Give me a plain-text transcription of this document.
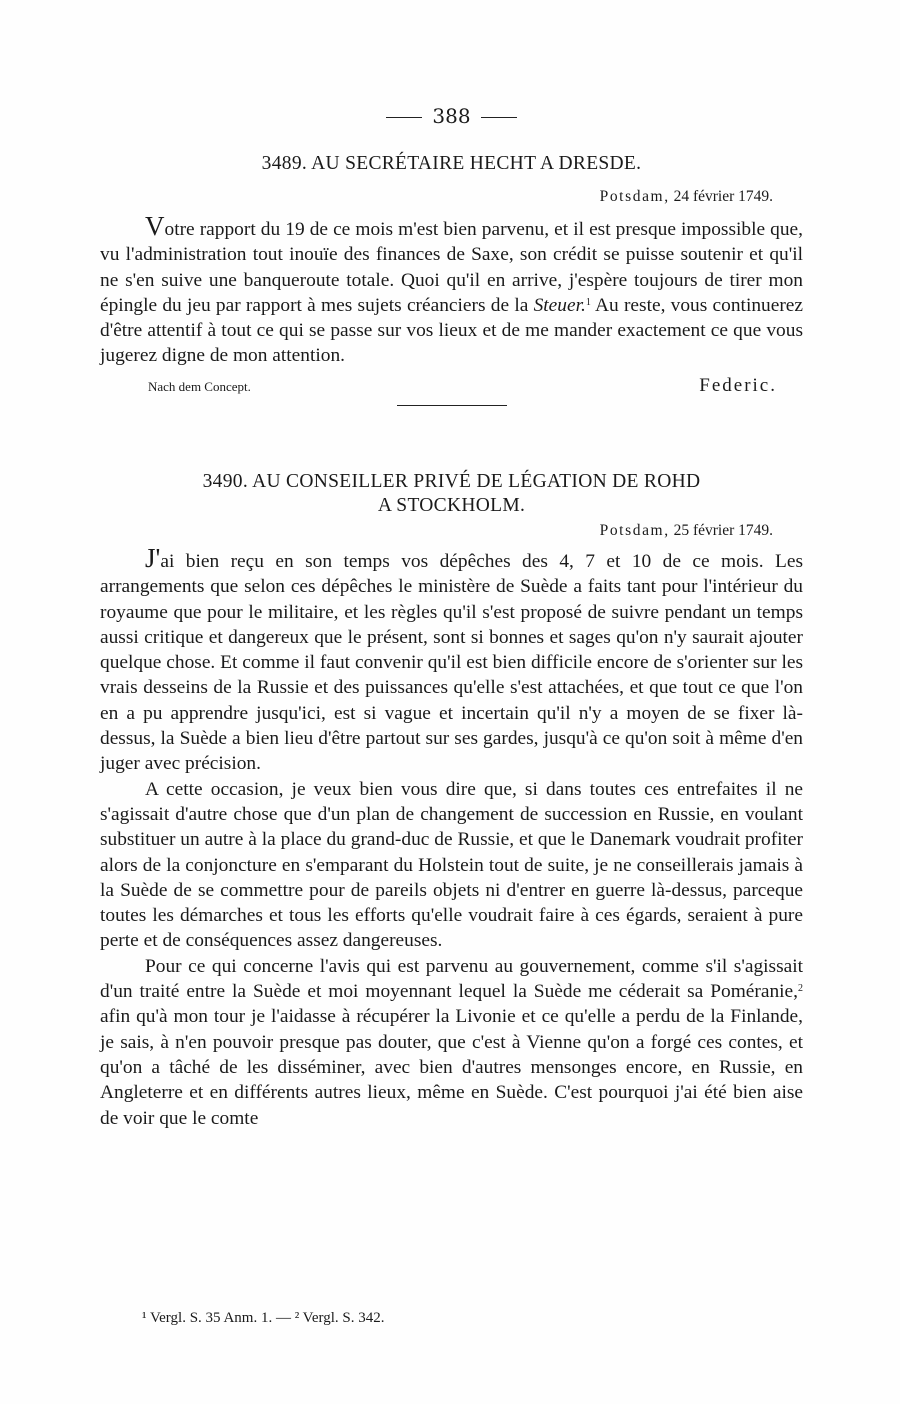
388
3489. AU SECRÉTAIRE HECHT A DRESDE.
Potsdam, 24 février 1749.

Votre rapport du 19 de ce mois m'est bien parvenu, et il est presque impossible que, vu l'administration tout inouïe des finances de Saxe, son crédit se puisse soutenir et qu'il ne s'en suive une banqueroute totale. Quoi qu'il en arrive, j'espère toujours de tirer mon épingle du jeu par rapport à mes sujets créanciers de la Steuer.$^1$ Au reste, vous continuerez d'être attentif à tout ce qui se passe sur vos lieux et de me mander exactement ce que vous jugerez digne de mon attention.

Nach dem Concept.	Federic.
3490. AU CONSEILLER PRIVÉ DE LÉGATION DE ROHD
A STOCKHOLM.
Potsdam, 25 février 1749.

J'ai bien reçu en son temps vos dépêches des 4, 7 et 10 de ce mois. Les arrangements que selon ces dépêches le ministère de Suède a faits tant pour l'intérieur du royaume que pour le militaire, et les règles qu'il s'est proposé de suivre pendant un temps aussi critique et dangereux que le présent, sont si bonnes et sages qu'on n'y saurait ajouter quelque chose. Et comme il faut convenir qu'il est bien difficile encore de s'orienter sur les vrais desseins de la Russie et des puissances qu'elle s'est attachées, et que tout ce que l'on en a pu apprendre jusqu'ici, est si vague et incertain qu'il n'y a moyen de se fixer là-dessus, la Suède a bien lieu d'être partout sur ses gardes, jusqu'à ce qu'on soit à même d'en juger avec précision.

A cette occasion, je veux bien vous dire que, si dans toutes ces entrefaites il ne s'agissait d'autre chose que d'un plan de changement de succession en Russie, en voulant substituer un autre à la place du grand-duc de Russie, et que le Danemark voudrait profiter alors de la conjoncture en s'emparant du Holstein tout de suite, je ne conseillerais jamais à la Suède de se commettre pour de pareils objets ni d'entrer en guerre là-dessus, parceque toutes les démarches et tous les efforts qu'elle voudrait faire à ces égards, seraient à pure perte et de conséquences assez dangereuses.

Pour ce qui concerne l'avis qui est parvenu au gouvernement, comme s'il s'agissait d'un traité entre la Suède et moi moyennant lequel la Suède me céderait sa Poméranie,$^2$ afin qu'à mon tour je l'aidasse à récupérer la Livonie et ce qu'elle a perdu de la Finlande, je sais, à n'en pouvoir presque pas douter, que c'est à Vienne qu'on a forgé ces contes, et qu'on a tâché de les disséminer, avec bien d'autres mensonges encore, en Russie, en Angleterre et en différents autres lieux, même en Suède. C'est pourquoi j'ai été bien aise de voir que le comte

¹ Vergl. S. 35 Anm. 1. — ² Vergl. S. 342.
